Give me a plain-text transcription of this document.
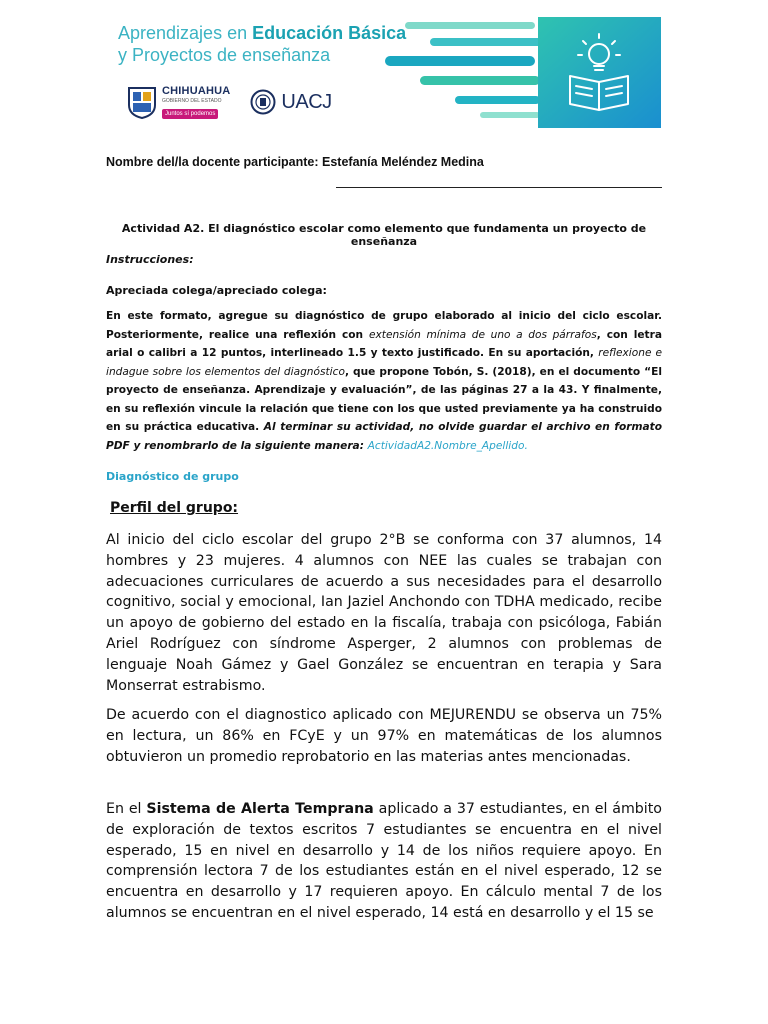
Aprendizajes en Educación Básica
y Proyectos de enseñanza
CHIHUAHUA
GOBIERNO DEL ESTADO
Juntos sí podemos
UACJ
Nombre del/la docente participante: Estefanía Meléndez Medina
Actividad A2. El diagnóstico escolar como elemento que fundamenta un proyecto de enseñanza
Instrucciones:
Apreciada colega/apreciado colega:
En este formato, agregue su diagnóstico de grupo elaborado al inicio del ciclo escolar. Posteriormente, realice una reflexión con extensión mínima de uno a dos párrafos, con letra arial o calibri a 12 puntos, interlineado 1.5 y texto justificado. En su aportación, reflexione e indague sobre los elementos del diagnóstico, que propone Tobón, S. (2018), en el documento “El proyecto de enseñanza. Aprendizaje y evaluación”, de las páginas 27 a la 43. Y finalmente, en su reflexión vincule la relación que tiene con los que usted previamente ya ha construido en su práctica educativa. Al terminar su actividad, no olvide guardar el archivo en formato PDF y renombrarlo de la siguiente manera: ActividadA2.Nombre_Apellido.
Diagnóstico de grupo
Perfil del grupo:
Al inicio del ciclo escolar del grupo 2°B se conforma con 37 alumnos, 14 hombres y 23 mujeres. 4 alumnos con NEE las cuales se trabajan con adecuaciones curriculares de acuerdo a sus necesidades para el desarrollo cognitivo, social y emocional, Ian Jaziel Anchondo con TDHA medicado, recibe un apoyo de gobierno del estado en la fiscalía, trabaja con psicóloga, Fabián Ariel Rodríguez con síndrome Asperger, 2 alumnos con problemas de lenguaje Noah Gámez y Gael González se encuentran en terapia y Sara Monserrat estrabismo.
De acuerdo con el diagnostico aplicado con MEJURENDU se observa un 75% en lectura, un 86% en FCyE y un 97% en matemáticas de los alumnos obtuvieron un promedio reprobatorio en las materias antes mencionadas.
En el Sistema de Alerta Temprana aplicado a 37 estudiantes, en el ámbito de exploración de textos escritos 7 estudiantes se encuentra en el nivel esperado, 15 en nivel en desarrollo y 14 de los niños requiere apoyo. En comprensión lectora 7 de los estudiantes están en el nivel esperado, 12 se encuentra en desarrollo y 17 requieren apoyo. En cálculo mental 7 de los alumnos se encuentran en el nivel esperado, 14 está en desarrollo y el 15 se
